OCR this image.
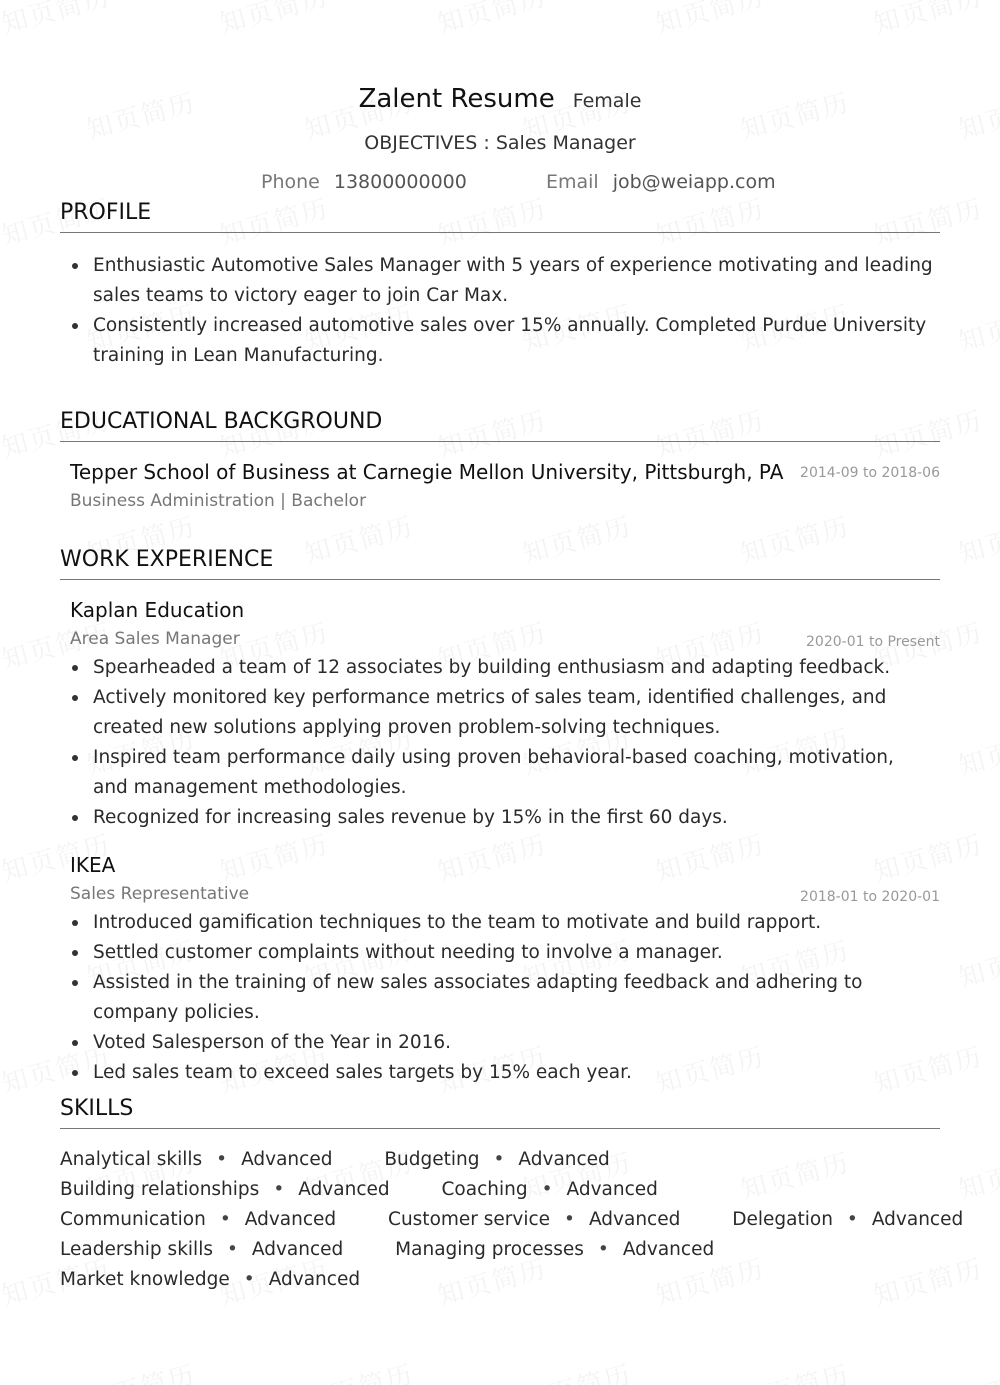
Zalent Resume Female
OBJECTIVES : Sales Manager
Phone 13800000000	Email job@weiapp.com
PROFILE
Enthusiastic Automotive Sales Manager with 5 years of experience motivating and leading sales teams to victory eager to join Car Max.
Consistently increased automotive sales over 15% annually. Completed Purdue University training in Lean Manufacturing.
EDUCATIONAL BACKGROUND
Tepper School of Business at Carnegie Mellon University, Pittsburgh, PA 2014-09 to 2018-06
Business Administration | Bachelor
WORK EXPERIENCE
Kaplan Education
Area Sales Manager	2020-01 to Present
Spearheaded a team of 12 associates by building enthusiasm and adapting feedback.
Actively monitored key performance metrics of sales team, identified challenges, and created new solutions applying proven problem-solving techniques.
Inspired team performance daily using proven behavioral-based coaching, motivation, and management methodologies.
Recognized for increasing sales revenue by 15% in the first 60 days.
IKEA
Sales Representative	2018-01 to 2020-01
Introduced gamification techniques to the team to motivate and build rapport.
Settled customer complaints without needing to involve a manager.
Assisted in the training of new sales associates adapting feedback and adhering to company policies.
Voted Salesperson of the Year in 2016.
Led sales team to exceed sales targets by 15% each year.
SKILLS
Analytical skills • Advanced	Budgeting • Advanced
Building relationships • Advanced	Coaching • Advanced
Communication • Advanced	Customer service • Advanced	Delegation • Advanced
Leadership skills • Advanced	Managing processes • Advanced
Market knowledge • Advanced
